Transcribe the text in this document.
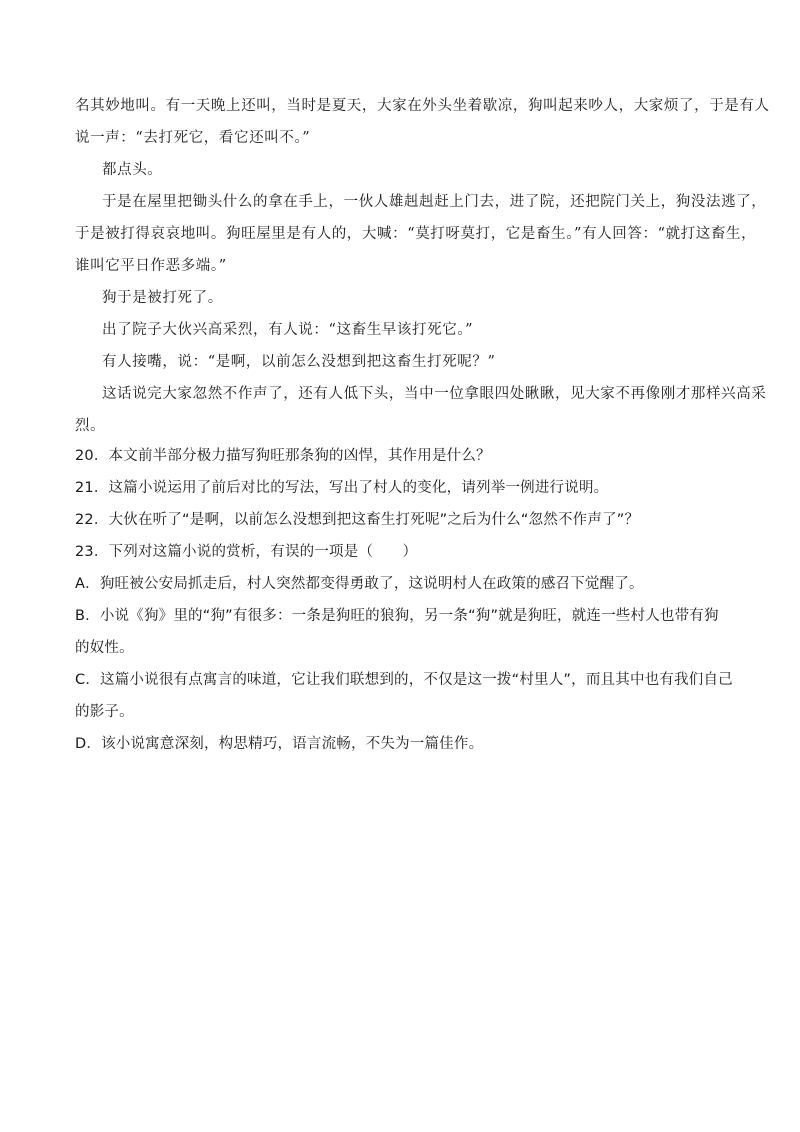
名其妙地叫。有一天晚上还叫，当时是夏天，大家在外头坐着歇凉，狗叫起来吵人，大家烦了，于是有人
说一声：“去打死它，看它还叫不。”
都点头。
于是在屋里把锄头什么的拿在手上，一伙人雄赳赳赶上门去，进了院，还把院门关上，狗没法逃了，
于是被打得哀哀地叫。狗旺屋里是有人的，大喊：“莫打呀莫打，它是畜生。”有人回答：“就打这畜生，
谁叫它平日作恶多端。”
狗于是被打死了。
出了院子大伙兴高采烈，有人说：“这畜生早该打死它。”
有人接嘴，说：“是啊，以前怎么没想到把这畜生打死呢？”
这话说完大家忽然不作声了，还有人低下头，当中一位拿眼四处瞅瞅，见大家不再像刚才那样兴高采
烈。
20．本文前半部分极力描写狗旺那条狗的凶悍，其作用是什么？
21．这篇小说运用了前后对比的写法，写出了村人的变化，请列举一例进行说明。
22．大伙在听了“是啊，以前怎么没想到把这畜生打死呢”之后为什么“忽然不作声了”？
23．下列对这篇小说的赏析，有误的一项是（　　）
A．狗旺被公安局抓走后，村人突然都变得勇敢了，这说明村人在政策的感召下觉醒了。
B．小说《狗》里的“狗”有很多：一条是狗旺的狼狗，另一条“狗”就是狗旺，就连一些村人也带有狗
的奴性。
C．这篇小说很有点寓言的味道，它让我们联想到的，不仅是这一拨“村里人”，而且其中也有我们自己
的影子。
D．该小说寓意深刻，构思精巧，语言流畅，不失为一篇佳作。
